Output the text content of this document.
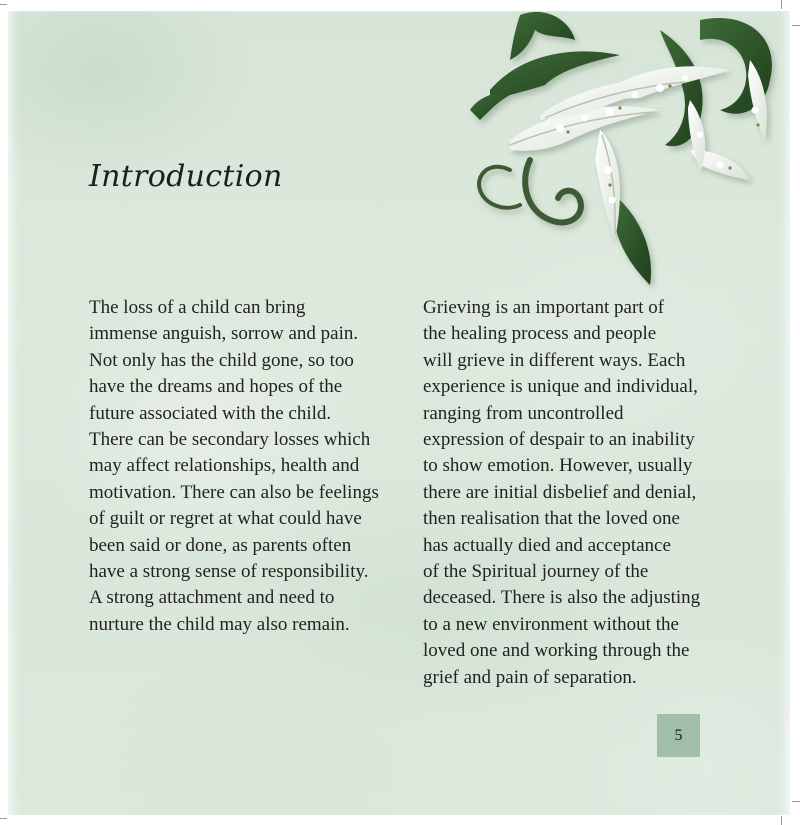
Introduction
The loss of a child can bring
immense anguish, sorrow and pain.
Not only has the child gone, so too
have the dreams and hopes of the
future associated with the child.
There can be secondary losses which
may affect relationships, health and
motivation. There can also be feelings
of guilt or regret at what could have
been said or done, as parents often
have a strong sense of responsibility.
A strong attachment and need to
nurture the child may also remain.
Grieving is an important part of
the healing process and people
will grieve in different ways. Each
experience is unique and individual,
ranging from uncontrolled
expression of despair to an inability
to show emotion. However, usually
there are initial disbelief and denial,
then realisation that the loved one
has actually died and acceptance
of the Spiritual journey of the
deceased. There is also the adjusting
to a new environment without the
loved one and working through the
grief and pain of separation.
5
